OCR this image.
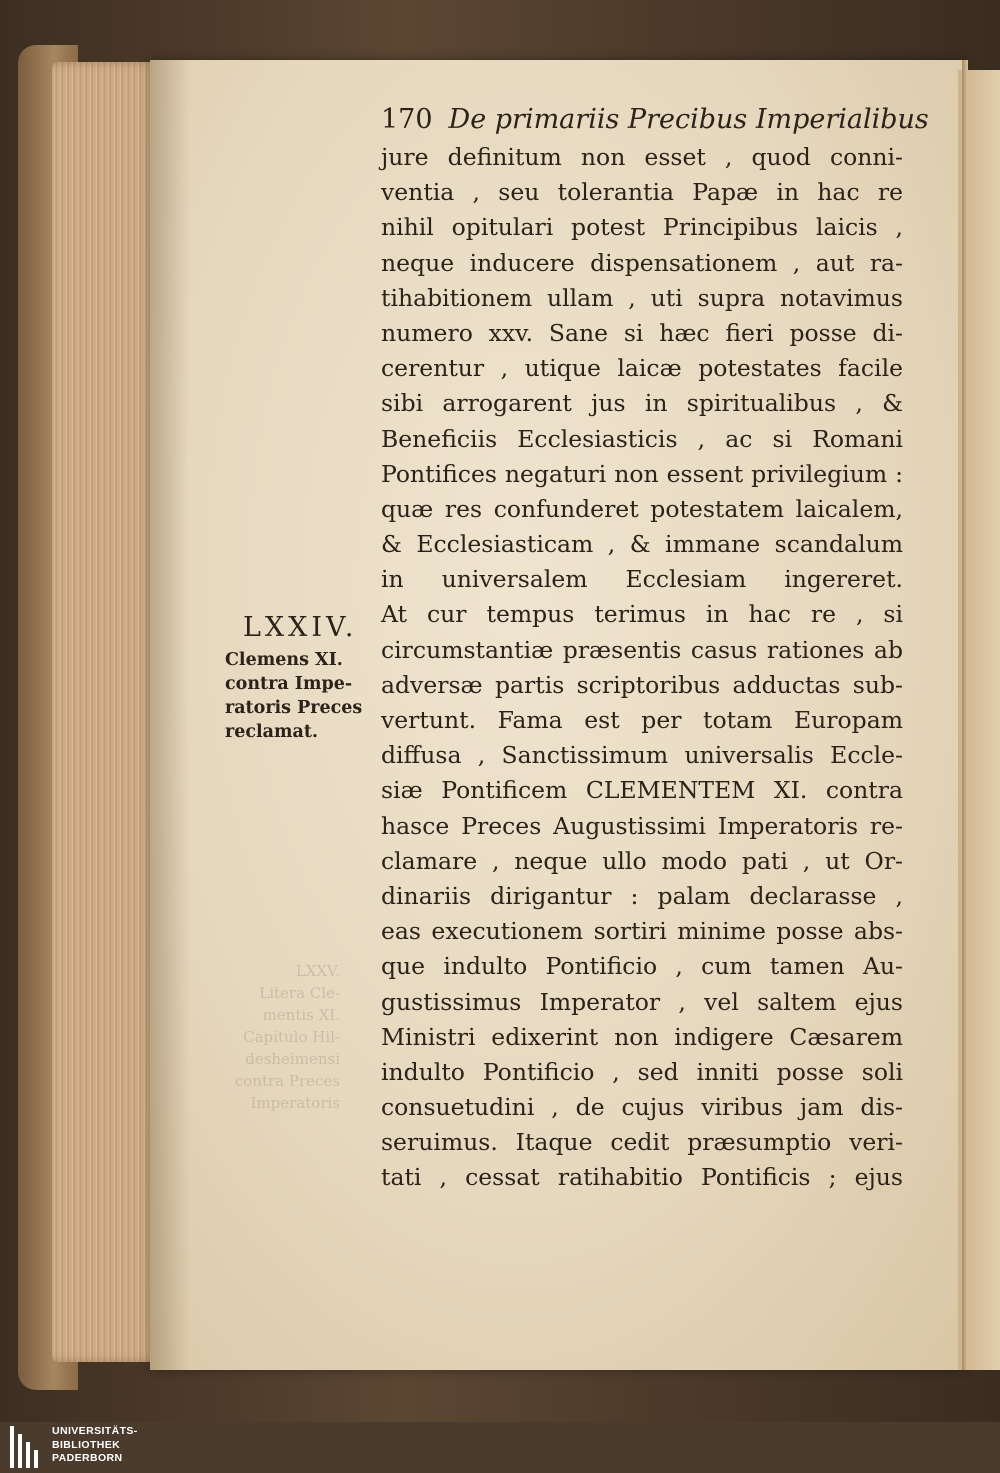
LXXV.
Litera Cle-
mentis XI.
Capitulo Hil-
desheimensi
contra Preces
Imperatoris
170 De primariis Precibus Imperialibus
jure definitum non esset , quod conni-
ventia , seu tolerantia Papæ in hac re
nihil opitulari potest Principibus laicis ,
neque inducere dispensationem , aut ra-
tihabitionem ullam , uti supra notavimus
numero xxv. Sane si hæc fieri posse di-
cerentur , utique laicæ potestates facile
sibi arrogarent jus in spiritualibus , &
Beneficiis Ecclesiasticis , ac si Romani
Pontifices negaturi non essent privilegium :
quæ res confunderet potestatem laicalem,
& Ecclesiasticam , & immane scandalum
in universalem Ecclesiam ingereret.
At cur tempus terimus in hac re , si
circumstantiæ præsentis casus rationes ab
adversæ partis scriptoribus adductas sub-
vertunt. Fama est per totam Europam
diffusa , Sanctissimum universalis Eccle-
siæ Pontificem CLEMENTEM XI. contra
hasce Preces Augustissimi Imperatoris re-
clamare , neque ullo modo pati , ut Or-
dinariis dirigantur : palam declarasse ,
eas executionem sortiri minime posse abs-
que indulto Pontificio , cum tamen Au-
gustissimus Imperator , vel saltem ejus
Ministri edixerint non indigere Cæsarem
indulto Pontificio , sed inniti posse soli
consuetudini , de cujus viribus jam dis-
seruimus. Itaque cedit præsumptio veri-
tati , cessat ratihabitio Pontificis ; ejus
LXXIV.
Clemens XI.
contra Impe-
ratoris Preces
reclamat.
UNIVERSITÄTS-
BIBLIOTHEK
PADERBORN
